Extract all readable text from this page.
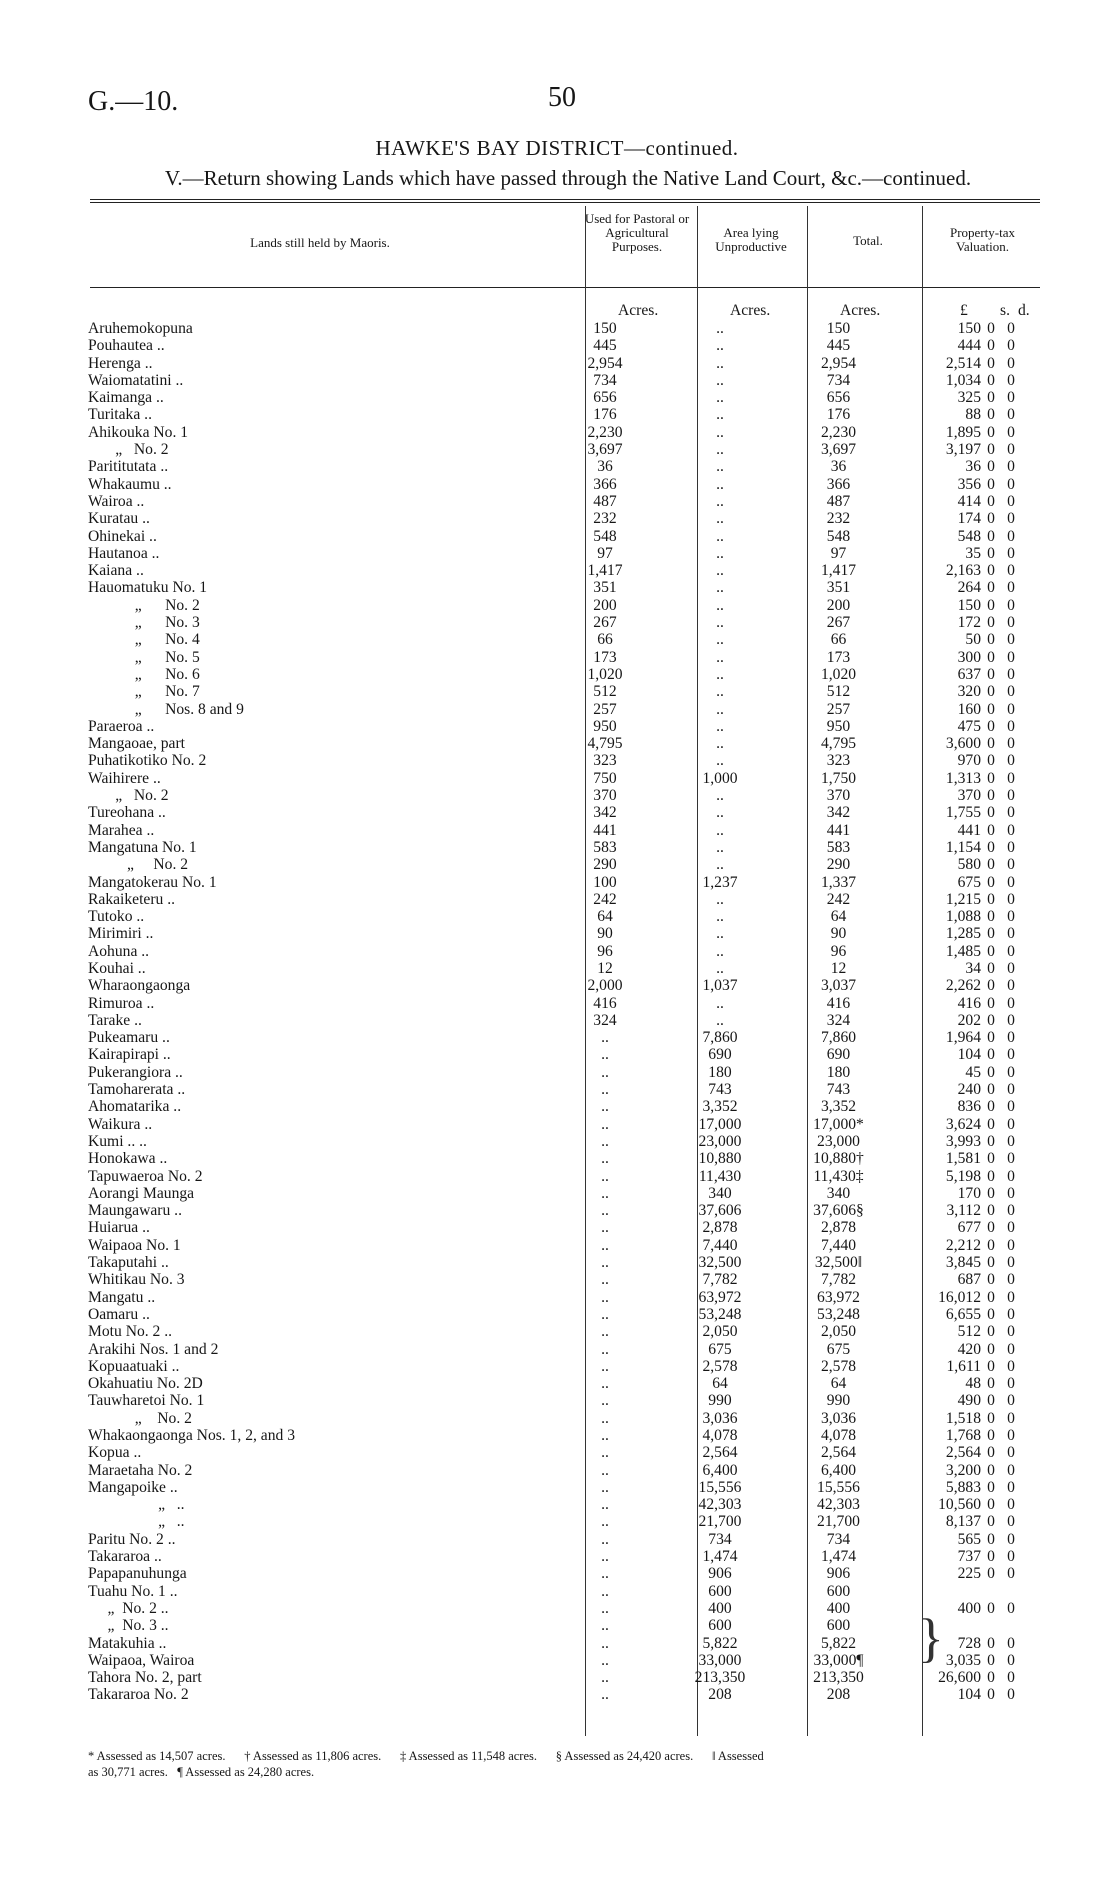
G.—10.	50
HAWKE'S BAY DISTRICT—continued.
V.—Return showing Lands which have passed through the Native Land Court, &c.—continued.
Lands still held by Maoris.
Used for Pastoral or Agricultural Purposes.
Area lying Unproductive	Total.
Property-tax Valuation.
Acres.	Acres.	Acres.	£ s. d.
Aruhemokopuna	150	..	150	150	0	0
Pouhautea ..	445	..	445	444	0	0
Herenga ..	2,954	..	2,954	2,514	0	0
Waiomatatini ..	734	..	734	1,034	0	0
Kaimanga ..	656	..	656	325	0	0
Turitaka ..	176	..	176	88	0	0
Ahikouka No. 1	2,230	..	2,230	1,895	0	0
„   No. 2	3,697	..	3,697	3,197	0	0
Parititutata ..	36	..	36	36	0	0
Whakaumu ..	366	..	366	356	0	0
Wairoa ..	487	..	487	414	0	0
Kuratau ..	232	..	232	174	0	0
Ohinekai ..	548	..	548	548	0	0
Hautanoa ..	97	..	97	35	0	0
Kaiana ..	1,417	..	1,417	2,163	0	0
Hauomatuku No. 1	351	..	351	264	0	0
„      No. 2	200	..	200	150	0	0
„      No. 3	267	..	267	172	0	0
„      No. 4	66	..	66	50	0	0
„      No. 5	173	..	173	300	0	0
„      No. 6	1,020	..	1,020	637	0	0
„      No. 7	512	..	512	320	0	0
„      Nos. 8 and 9	257	..	257	160	0	0
Paraeroa ..	950	..	950	475	0	0
Mangaoae, part	4,795	..	4,795	3,600	0	0
Puhatikotiko No. 2	323	..	323	970	0	0
Waihirere ..	750	1,000	1,750	1,313	0	0
„   No. 2	370	..	370	370	0	0
Tureohana ..	342	..	342	1,755	0	0
Marahea ..	441	..	441	441	0	0
Mangatuna No. 1	583	..	583	1,154	0	0
„     No. 2	290	..	290	580	0	0
Mangatokerau No. 1	100	1,237	1,337	675	0	0
Rakaiketeru ..	242	..	242	1,215	0	0
Tutoko ..	64	..	64	1,088	0	0
Mirimiri ..	90	..	90	1,285	0	0
Aohuna ..	96	..	96	1,485	0	0
Kouhai ..	12	..	12	34	0	0
Wharaongaonga	2,000	1,037	3,037	2,262	0	0
Rimuroa ..	416	..	416	416	0	0
Tarake ..	324	..	324	202	0	0
Pukeamaru ..	..	7,860	7,860	1,964	0	0
Kairapirapi ..	..	690	690	104	0	0
Pukerangiora ..	..	180	180	45	0	0
Tamoharerata ..	..	743	743	240	0	0
Ahomatarika ..	..	3,352	3,352	836	0	0
Waikura ..	..	17,000	17,000*	3,624	0	0
Kumi .. ..	..	23,000	23,000	3,993	0	0
Honokawa ..	..	10,880	10,880†	1,581	0	0
Tapuwaeroa No. 2	..	11,430	11,430‡	5,198	0	0
Aorangi Maunga	..	340	340	170	0	0
Maungawaru ..	..	37,606	37,606§	3,112	0	0
Huiarua ..	..	2,878	2,878	677	0	0
Waipaoa No. 1	..	7,440	7,440	2,212	0	0
Takaputahi ..	..	32,500	32,500‖	3,845	0	0
Whitikau No. 3	..	7,782	7,782	687	0	0
Mangatu ..	..	63,972	63,972	16,012	0	0
Oamaru ..	..	53,248	53,248	6,655	0	0
Motu No. 2 ..	..	2,050	2,050	512	0	0
Arakihi Nos. 1 and 2	..	675	675	420	0	0
Kopuaatuaki ..	..	2,578	2,578	1,611	0	0
Okahuatiu No. 2D	..	64	64	48	0	0
Tauwharetoi No. 1	..	990	990	490	0	0
„    No. 2	..	3,036	3,036	1,518	0	0
Whakaongaonga Nos. 1, 2, and 3	..	4,078	4,078	1,768	0	0
Kopua ..	..	2,564	2,564	2,564	0	0
Maraetaha No. 2	..	6,400	6,400	3,200	0	0
Mangapoike ..	..	15,556	15,556	5,883	0	0
„   ..	..	42,303	42,303	10,560	0	0
„   ..	..	21,700	21,700	8,137	0	0
Paritu No. 2 ..	..	734	734	565	0	0
Takararoa ..	..	1,474	1,474	737	0	0
Papapanuhunga	..	906	906	225	0	0
Tuahu No. 1 ..	..	600	600			
„  No. 2 ..	..	400	400	400	0	0
„  No. 3 ..	..	600	600			
Matakuhia ..	..	5,822	5,822	728	0	0
Waipaoa, Wairoa	..	33,000	33,000¶	3,035	0	0
Tahora No. 2, part	..	213,350	213,350	26,600	0	0
Takararoa No. 2	..	208	208	104	0	0
}
* Assessed as 14,507 acres.      † Assessed as 11,806 acres.      ‡ Assessed as 11,548 acres.      § Assessed as 24,420 acres.      ‖ Assessed
as 30,771 acres.   ¶ Assessed as 24,280 acres.
